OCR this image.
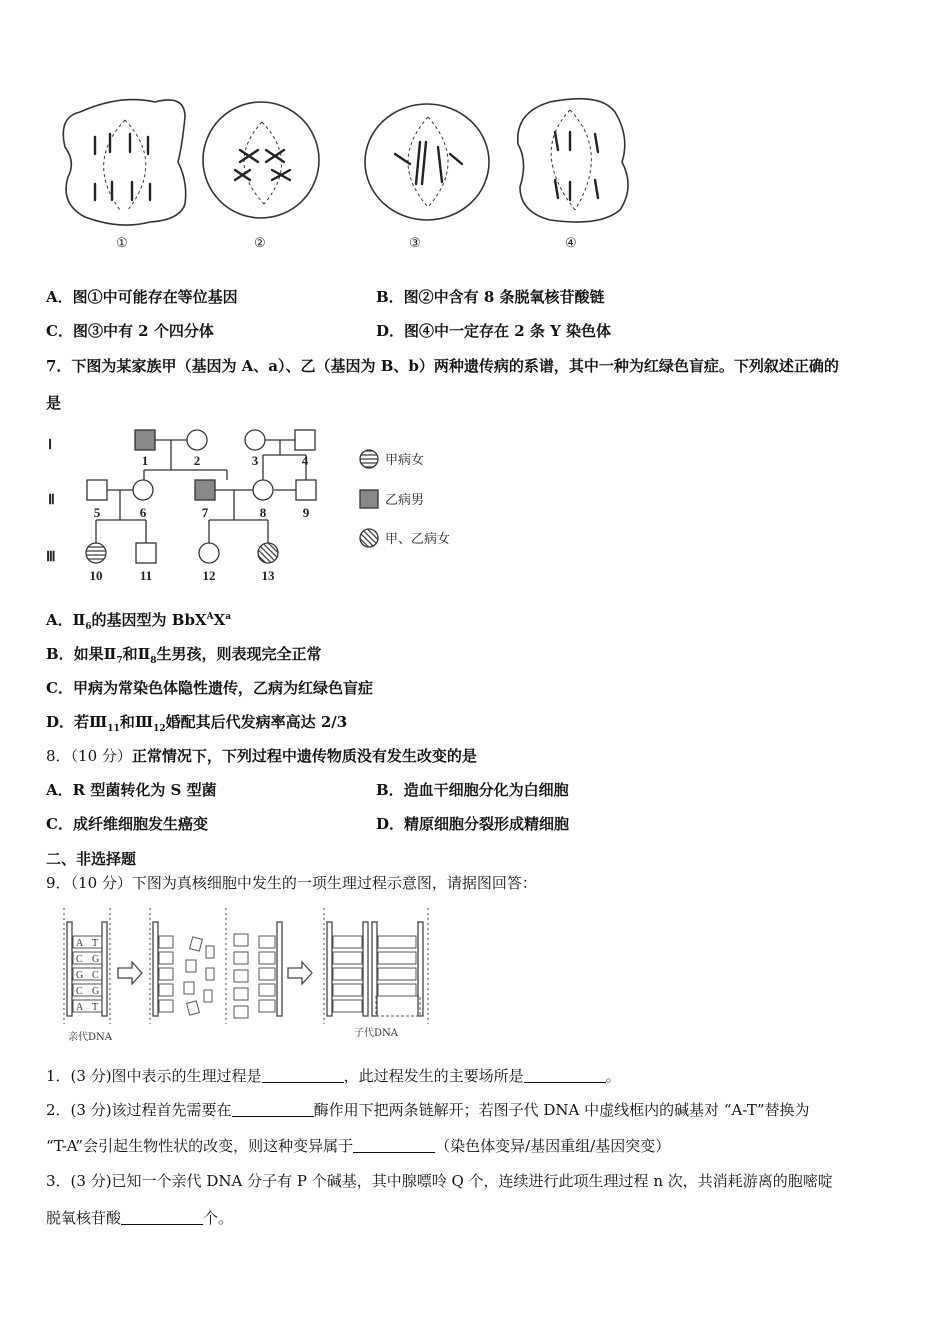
①	②	③	④
A．图①中可能存在等位基因	B．图②中含有 8 条脱氧核苷酸链
C．图③中有 2 个四分体	D．图④中一定存在 2 条 Y 染色体
7．下图为某家族甲（基因为 A、a）、乙（基因为 B、b）两种遗传病的系谱，其中一种为红绿色盲症。下列叙述正确的
是
Ⅰ
Ⅱ
Ⅲ
1	2	3	4
5	6	7	8	9
10	11	12	13
甲病女
乙病男
甲、乙病女
A．$Ⅱ_6$的基因型为 $BbX^AX^a$
B．如果$Ⅱ_7$和$Ⅱ_8$生男孩，则表现完全正常
C．甲病为常染色体隐性遗传，乙病为红绿色盲症
D．若$Ⅲ_{11}$和$Ⅲ_{12}$婚配其后代发病率高达 2/3
8．（10 分）正常情况下，下列过程中遗传物质没有发生改变的是
A．R 型菌转化为 S 型菌	B．造血干细胞分化为白细胞
C．成纤维细胞发生癌变	D．精原细胞分裂形成精细胞
二、非选择题
9．（10 分）下图为真核细胞中发生的一项生理过程示意图，请据图回答：
A
C
G
C
A
T
G
C
G
T
亲代DNA	子代DNA
1．(3 分)图中表示的生理过程是	，此过程发生的主要场所是	。
2．(3 分)该过程首先需要在	酶作用下把两条链解开；若图子代 DNA 中虚线框内的碱基对 “A-T”替换为
“T-A”会引起生物性状的改变，则这种变异属于	（染色体变异/基因重组/基因突变）
3．(3 分)已知一个亲代 DNA 分子有 P 个碱基，其中腺嘌呤 Q 个，连续进行此项生理过程 n 次，共消耗游离的胞嘧啶
脱氧核苷酸	个。
